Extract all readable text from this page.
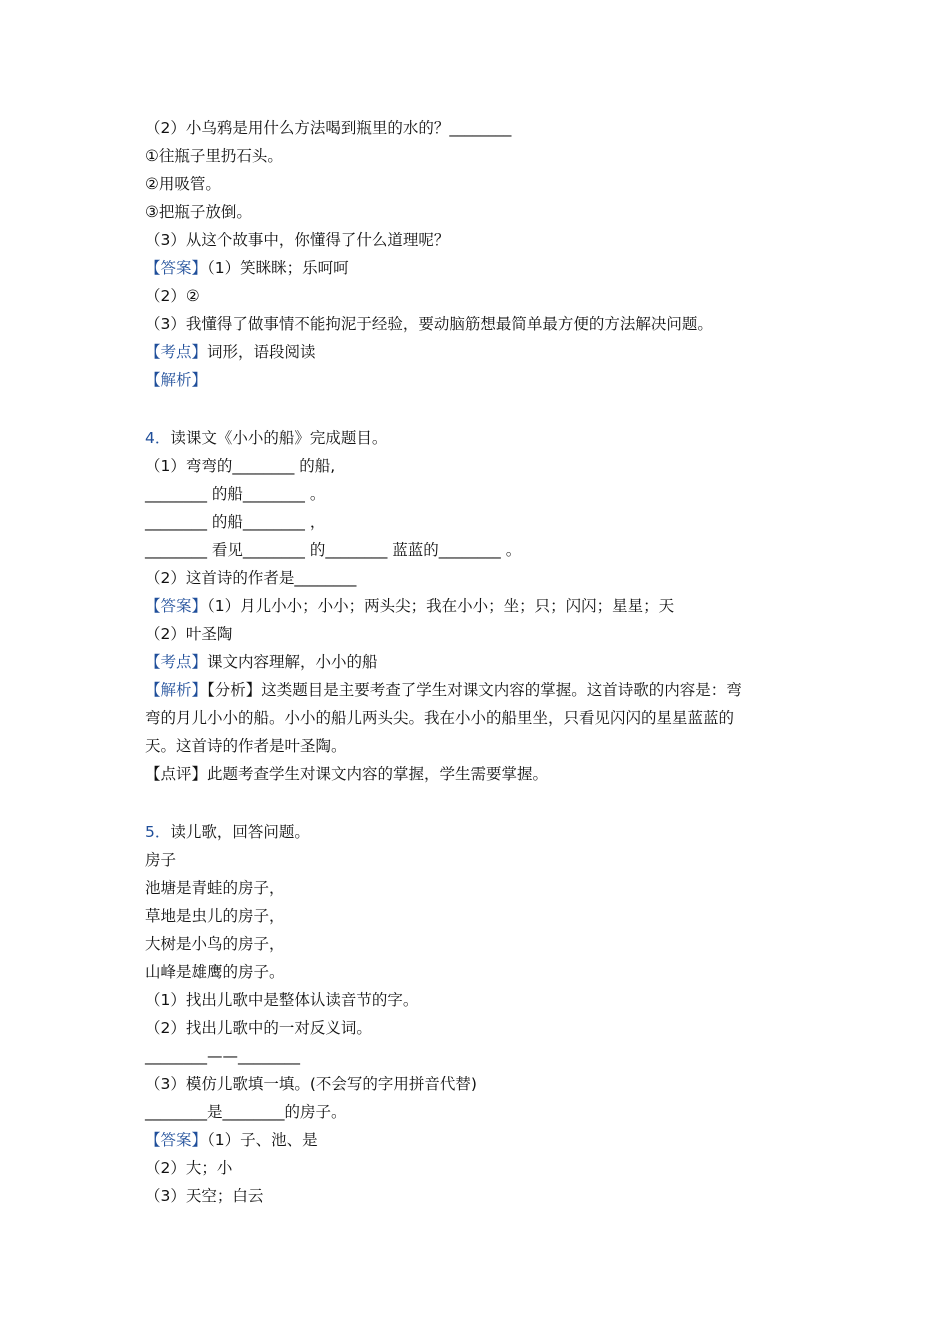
（2）小乌鸦是用什么方法喝到瓶里的水的？________
①往瓶子里扔石头。
②用吸管。
③把瓶子放倒。
（3）从这个故事中，你懂得了什么道理呢？
【答案】（1）笑眯眯；乐呵呵
（2）②
（3）我懂得了做事情不能拘泥于经验，要动脑筋想最简单最方便的方法解决问题。
【考点】词形，语段阅读
【解析】
4．读课文《小小的船》完成题目。
（1）弯弯的________ 的船,
________ 的船________ 。
________ 的船________ ，
________ 看见________ 的________ 蓝蓝的________ 。
（2）这首诗的作者是________
【答案】（1）月儿小小；小小；两头尖；我在小小；坐；只；闪闪；星星；天
（2）叶圣陶
【考点】课文内容理解，小小的船
【解析】【分析】这类题目是主要考查了学生对课文内容的掌握。这首诗歌的内容是：弯
弯的月儿小小的船。小小的船儿两头尖。我在小小的船里坐，只看见闪闪的星星蓝蓝的
天。这首诗的作者是叶圣陶。
【点评】此题考查学生对课文内容的掌握，学生需要掌握。
5．读儿歌，回答问题。
房子
池塘是青蛙的房子，
草地是虫儿的房子，
大树是小鸟的房子，
山峰是雄鹰的房子。
（1）找出儿歌中是整体认读音节的字。
（2）找出儿歌中的一对反义词。
________——________
（3）模仿儿歌填一填。(不会写的字用拼音代替)
________是________的房子。
【答案】（1）子、池、是
（2）大；小
（3）天空；白云
